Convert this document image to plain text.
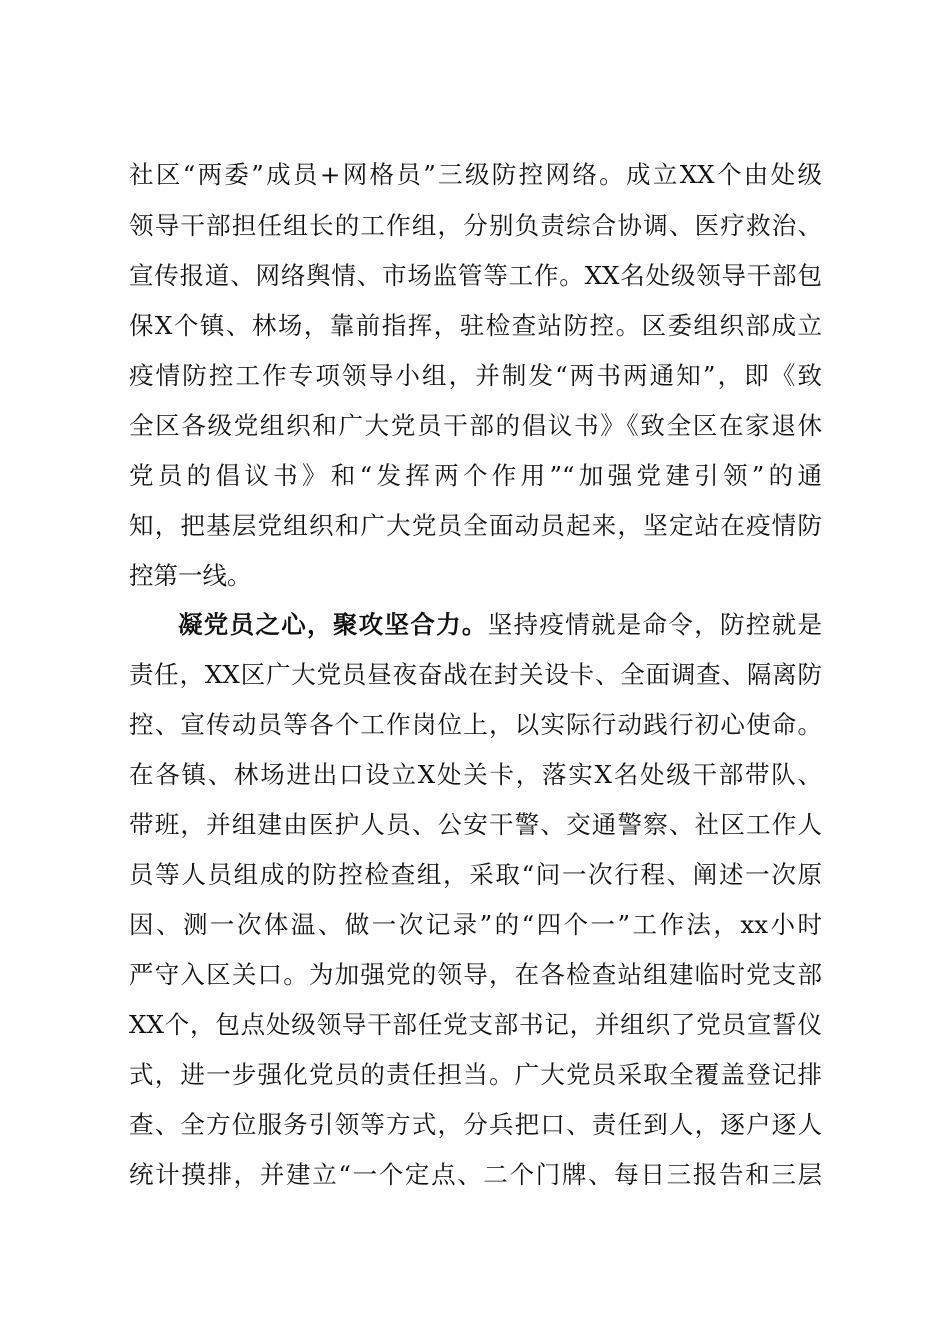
社区“两委”成员+网格员”三级防控网络。成立XX个由处级
领导干部担任组长的工作组，分别负责综合协调、医疗救治、
宣传报道、网络舆情、市场监管等工作。XX名处级领导干部包
保X个镇、林场，靠前指挥，驻检查站防控。区委组织部成立
疫情防控工作专项领导小组，并制发“两书两通知”，即《致
全区各级党组织和广大党员干部的倡议书》《致全区在家退休
党员的倡议书》和“发挥两个作用”“加强党建引领”的通
知，把基层党组织和广大党员全面动员起来，坚定站在疫情防
控第一线。
凝党员之心，聚攻坚合力。坚持疫情就是命令，防控就是
责任，XX区广大党员昼夜奋战在封关设卡、全面调查、隔离防
控、宣传动员等各个工作岗位上，以实际行动践行初心使命。
在各镇、林场进出口设立X处关卡，落实X名处级干部带队、
带班，并组建由医护人员、公安干警、交通警察、社区工作人
员等人员组成的防控检查组，采取“问一次行程、阐述一次原
因、测一次体温、做一次记录”的“四个一”工作法，xx小时
严守入区关口。为加强党的领导，在各检查站组建临时党支部
XX个，包点处级领导干部任党支部书记，并组织了党员宣誓仪
式，进一步强化党员的责任担当。广大党员采取全覆盖登记排
查、全方位服务引领等方式，分兵把口、责任到人，逐户逐人
统计摸排，并建立“一个定点、二个门牌、每日三报告和三层
